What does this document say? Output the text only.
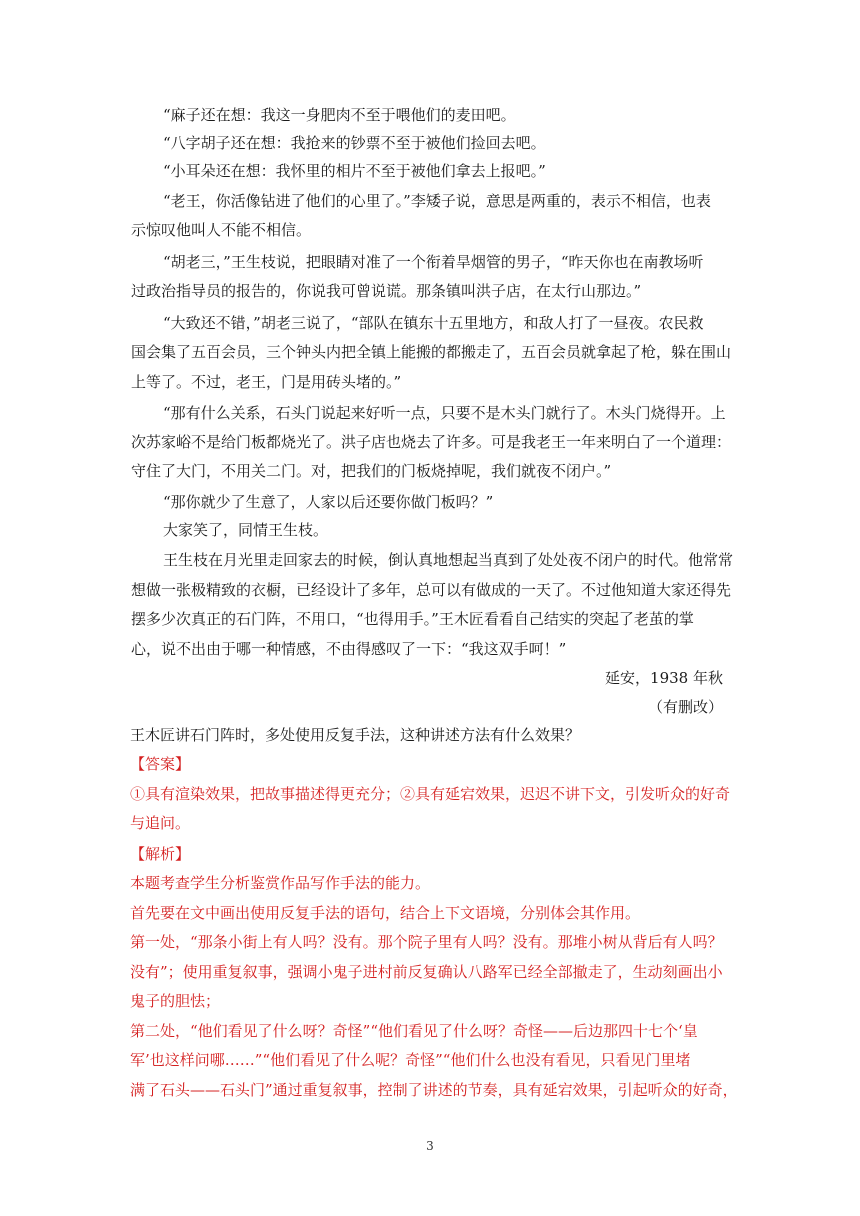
“麻子还在想：我这一身肥肉不至于喂他们的麦田吧。
“八字胡子还在想：我抢来的钞票不至于被他们捡回去吧。
“小耳朵还在想：我怀里的相片不至于被他们拿去上报吧。”
“老王，你活像钻进了他们的心里了。”李矮子说，意思是两重的，表示不相信，也表
示惊叹他叫人不能不相信。
“胡老三，”王生枝说，把眼睛对准了一个衔着旱烟管的男子，“昨天你也在南教场听
过政治指导员的报告的，你说我可曾说谎。那条镇叫洪子店，在太行山那边。”
“大致还不错，”胡老三说了，“部队在镇东十五里地方，和敌人打了一昼夜。农民救
国会集了五百会员，三个钟头内把全镇上能搬的都搬走了，五百会员就拿起了枪，躲在围山
上等了。不过，老王，门是用砖头堵的。”
“那有什么关系，石头门说起来好听一点，只要不是木头门就行了。木头门烧得开。上
次苏家峪不是给门板都烧光了。洪子店也烧去了许多。可是我老王一年来明白了一个道理：
守住了大门，不用关二门。对，把我们的门板烧掉呢，我们就夜不闭户。”
“那你就少了生意了，人家以后还要你做门板吗？”
大家笑了，同情王生枝。
王生枝在月光里走回家去的时候，倒认真地想起当真到了处处夜不闭户的时代。他常常
想做一张极精致的衣橱，已经设计了多年，总可以有做成的一天了。不过他知道大家还得先
摆多少次真正的石门阵，不用口，“也得用手。”王木匠看看自己结实的突起了老茧的掌
心，说不出由于哪一种情感，不由得感叹了一下：“我这双手呵！”
延安，1938 年秋
（有删改）
王木匠讲石门阵时，多处使用反复手法，这种讲述方法有什么效果？
【答案】
①具有渲染效果，把故事描述得更充分；②具有延宕效果，迟迟不讲下文，引发听众的好奇
与追问。
【解析】
本题考查学生分析鉴赏作品写作手法的能力。
首先要在文中画出使用反复手法的语句，结合上下文语境，分别体会其作用。
第一处，“那条小街上有人吗？没有。那个院子里有人吗？没有。那堆小树从背后有人吗？
没有”；使用重复叙事，强调小鬼子进村前反复确认八路军已经全部撤走了，生动刻画出小
鬼子的胆怯；
第二处，“他们看见了什么呀？奇怪”“他们看见了什么呀？奇怪——后边那四十七个‘皇
军’也这样问哪……”“他们看见了什么呢？奇怪”“他们什么也没有看见，只看见门里堵
满了石头——石头门”通过重复叙事，控制了讲述的节奏，具有延宕效果，引起听众的好奇，
3
